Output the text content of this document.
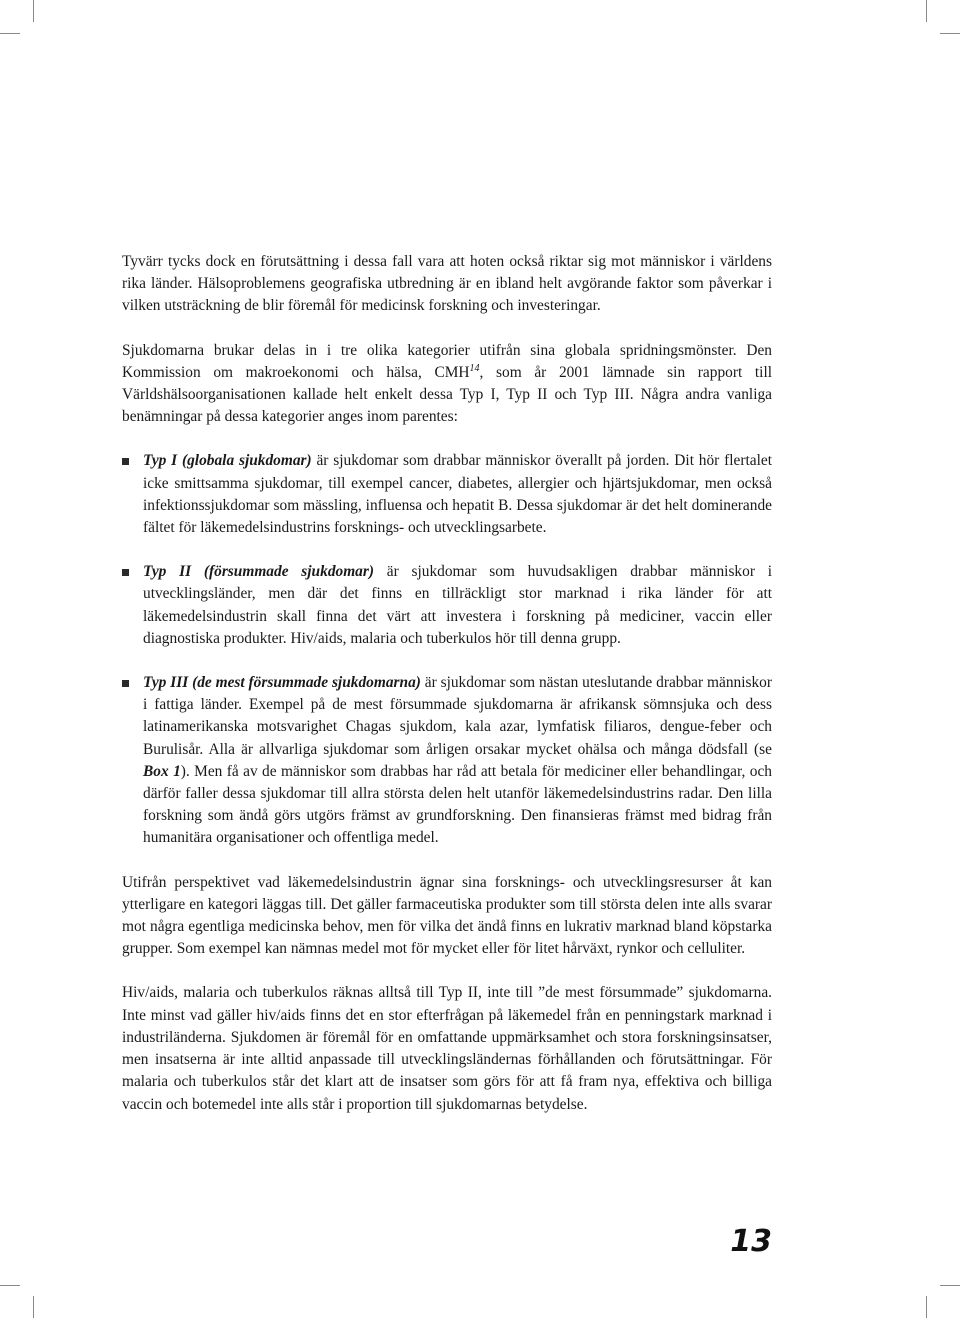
Tyvärr tycks dock en förutsättning i dessa fall vara att hoten också riktar sig mot människor i världens rika länder. Hälsoproblemens geografiska utbredning är en ibland helt avgörande faktor som påverkar i vilken utsträckning de blir föremål för medicinsk forskning och investeringar.

Sjukdomarna brukar delas in i tre olika kategorier utifrån sina globala spridningsmönster. Den Kommission om makroekonomi och hälsa, CMH$^{14}$, som år 2001 lämnade sin rapport till Världshälsoorganisationen kallade helt enkelt dessa Typ I, Typ II och Typ III. Några andra vanliga benämningar på dessa kategorier anges inom parentes:

Typ I (globala sjukdomar) är sjukdomar som drabbar människor överallt på jorden. Dit hör flertalet icke smittsamma sjukdomar, till exempel cancer, diabetes, allergier och hjärtsjukdomar, men också infektionssjukdomar som mässling, influensa och hepatit B. Dessa sjukdomar är det helt dominerande fältet för läkemedelsindustrins forsknings- och utvecklingsarbete.
Typ II (försummade sjukdomar) är sjukdomar som huvudsakligen drabbar människor i utvecklingsländer, men där det finns en tillräckligt stor marknad i rika länder för att läkemedelsindustrin skall finna det värt att investera i forskning på mediciner, vaccin eller diagnostiska produkter. Hiv/aids, malaria och tuberkulos hör till denna grupp.
Typ III (de mest försummade sjukdomarna) är sjukdomar som nästan uteslutande drabbar människor i fattiga länder. Exempel på de mest försummade sjukdomarna är afrikansk sömnsjuka och dess latinamerikanska motsvarighet Chagas sjukdom, kala azar, lymfatisk filiaros, dengue-feber och Burulisår. Alla är allvarliga sjukdomar som årligen orsakar mycket ohälsa och många dödsfall (se Box 1). Men få av de människor som drabbas har råd att betala för mediciner eller behandlingar, och därför faller dessa sjukdomar till allra största delen helt utanför läkemedelsindustrins radar. Den lilla forskning som ändå görs utgörs främst av grundforskning. Den finansieras främst med bidrag från humanitära organisationer och offentliga medel.

Utifrån perspektivet vad läkemedelsindustrin ägnar sina forsknings- och utvecklingsresurser åt kan ytterligare en kategori läggas till. Det gäller farmaceutiska produkter som till största delen inte alls svarar mot några egentliga medicinska behov, men för vilka det ändå finns en lukrativ marknad bland köpstarka grupper. Som exempel kan nämnas medel mot för mycket eller för litet hårväxt, rynkor och celluliter.

Hiv/aids, malaria och tuberkulos räknas alltså till Typ II, inte till ”de mest försummade” sjukdomarna. Inte minst vad gäller hiv/aids finns det en stor efterfrågan på läkemedel från en penningstark marknad i industriländerna. Sjukdomen är föremål för en omfattande uppmärksamhet och stora forskningsinsatser, men insatserna är inte alltid anpassade till utvecklingsländernas förhållanden och förutsättningar. För malaria och tuberkulos står det klart att de insatser som görs för att få fram nya, effektiva och billiga vaccin och botemedel inte alls står i proportion till sjukdomarnas betydelse.

13
